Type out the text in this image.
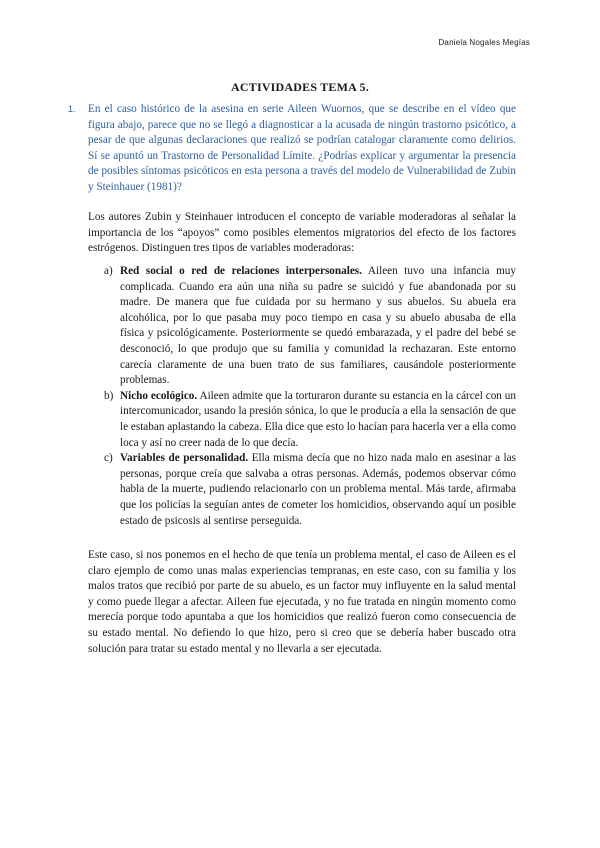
Daniela Nogales Megías
ACTIVIDADES TEMA 5.
1. En el caso histórico de la asesina en serie Aileen Wuornos, que se describe en el vídeo que figura abajo, parece que no se llegó a diagnosticar a la acusada de ningún trastorno psicótico, a pesar de que algunas declaraciones que realizó se podrían catalogar claramente como delirios. Sí se apuntó un Trastorno de Personalidad Límite. ¿Podrías explicar y argumentar la presencia de posibles síntomas psicóticos en esta persona a través del modelo de Vulnerabilidad de Zubin y Steinhauer (1981)?
Los autores Zubin y Steinhauer introducen el concepto de variable moderadoras al señalar la importancia de los “apoyos” como posibles elementos migratorios del efecto de los factores estrógenos. Distinguen tres tipos de variables moderadoras:
a) Red social o red de relaciones interpersonales. Aileen tuvo una infancia muy complicada. Cuando era aún una niña su padre se suicidó y fue abandonada por su madre. De manera que fue cuidada por su hermano y sus abuelos. Su abuela era alcohólica, por lo que pasaba muy poco tiempo en casa y su abuelo abusaba de ella física y psicológicamente. Posteriormente se quedó embarazada, y el padre del bebé se desconoció, lo que produjo que su familia y comunidad la rechazaran. Este entorno carecía claramente de una buen trato de sus familiares, causándole posteriormente problemas.
b) Nicho ecológico. Aileen admite que la torturaron durante su estancia en la cárcel con un intercomunicador, usando la presión sónica, lo que le producía a ella la sensación de que le estaban aplastando la cabeza. Ella dice que esto lo hacían para hacerla ver a ella como loca y así no creer nada de lo que decía.
c) Variables de personalidad. Ella misma decía que no hizo nada malo en asesinar a las personas, porque creía que salvaba a otras personas. Además, podemos observar cómo habla de la muerte, pudiendo relacionarlo con un problema mental. Más tarde, afirmaba que los policías la seguían antes de cometer los homicidios, observando aquí un posible estado de psicosis al sentirse perseguida.
Este caso, si nos ponemos en el hecho de que tenía un problema mental, el caso de Aileen es el claro ejemplo de como unas malas experiencias tempranas, en este caso, con su familia y los malos tratos que recibió por parte de su abuelo, es un factor muy influyente en la salud mental y como puede llegar a afectar. Aileen fue ejecutada, y no fue tratada en ningún momento como merecía porque todo apuntaba a que los homicidios que realizó fueron como consecuencia de su estado mental. No defiendo lo que hizo, pero si creo que se debería haber buscado otra solución para tratar su estado mental y no llevarla a ser ejecutada.
